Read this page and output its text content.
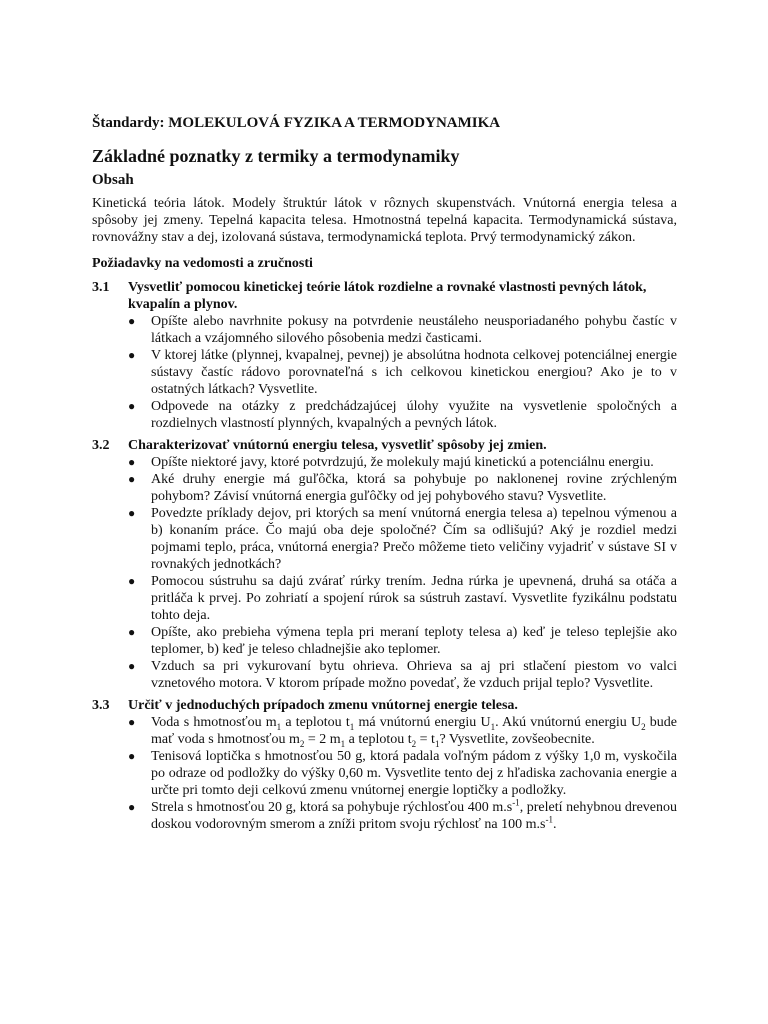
Štandardy: MOLEKULOVÁ FYZIKA A TERMODYNAMIKA

Základné poznatky z termiky a termodynamiky

Obsah

Kinetická teória látok. Modely štruktúr látok v rôznych skupenstvách. Vnútorná energia telesa a spôsoby jej zmeny. Tepelná kapacita telesa. Hmotnostná tepelná kapacita. Termodynamická sústava, rovnovážny stav a dej, izolovaná sústava, termodynamická teplota. Prvý termodynamický zákon.

Požiadavky na vedomosti a zručnosti

3.1	Vysvetliť pomocou kinetickej teórie látok rozdielne a rovnaké vlastnosti pevných látok, kvapalín a plynov.
●	Opíšte alebo navrhnite pokusy na potvrdenie neustáleho neusporiadaného pohybu častíc v látkach a vzájomného silového pôsobenia medzi časticami.
●	V ktorej látke (plynnej, kvapalnej, pevnej) je absolútna hodnota celkovej potenciálnej energie sústavy častíc rádovo porovnateľná s ich celkovou kinetickou energiou? Ako je to v ostatných látkach? Vysvetlite.
●	Odpovede na otázky z predchádzajúcej úlohy využite na vysvetlenie spoločných a rozdielnych vlastností plynných, kvapalných a pevných látok.
3.2	Charakterizovať vnútornú energiu telesa, vysvetliť spôsoby jej zmien.
●	Opíšte niektoré javy, ktoré potvrdzujú, že molekuly majú kinetickú a potenciálnu energiu.
●	Aké druhy energie má guľôčka, ktorá sa pohybuje po naklonenej rovine zrýchleným pohybom? Závisí vnútorná energia guľôčky od jej pohybového stavu? Vysvetlite.
●	Povedzte príklady dejov, pri ktorých sa mení vnútorná energia telesa a) tepelnou výmenou a b) konaním práce. Čo majú oba deje spoločné? Čím sa odlišujú? Aký je rozdiel medzi pojmami teplo, práca, vnútorná energia? Prečo môžeme tieto veličiny vyjadriť v sústave SI v rovnakých jednotkách?
●	Pomocou sústruhu sa dajú zvárať rúrky trením. Jedna rúrka je upevnená, druhá sa otáča a pritláča k prvej. Po zohriatí a spojení rúrok sa sústruh zastaví. Vysvetlite fyzikálnu podstatu tohto deja.
●	Opíšte, ako prebieha výmena tepla pri meraní teploty telesa a) keď je teleso teplejšie ako teplomer, b) keď je teleso chladnejšie ako teplomer.
●	Vzduch sa pri vykurovaní bytu ohrieva. Ohrieva sa aj pri stlačení piestom vo valci vznetového motora. V ktorom prípade možno povedať, že vzduch prijal teplo? Vysvetlite.
3.3	Určiť v jednoduchých prípadoch zmenu vnútornej energie telesa.
●	Voda s hmotnosťou $m_1$ a teplotou $t_1$ má vnútornú energiu $U_1$. Akú vnútornú energiu $U_2$ bude mať voda s hmotnosťou $m_2 = 2$ $m_1$ a teplotou $t_2 = t_1$? Vysvetlite, zovšeobecnite.
●	Tenisová loptička s hmotnosťou 50 g, ktorá padala voľným pádom z výšky 1,0 m, vyskočila po odraze od podložky do výšky 0,60 m. Vysvetlite tento dej z hľadiska zachovania energie a určte pri tomto deji celkovú zmenu vnútornej energie loptičky a podložky.
●	Strela s hmotnosťou 20 g, ktorá sa pohybuje rýchlosťou 400 $m.s^{-1}$, preletí nehybnou drevenou doskou vodorovným smerom a zníži pritom svoju rýchlosť na 100 $m.s^{-1}$.
